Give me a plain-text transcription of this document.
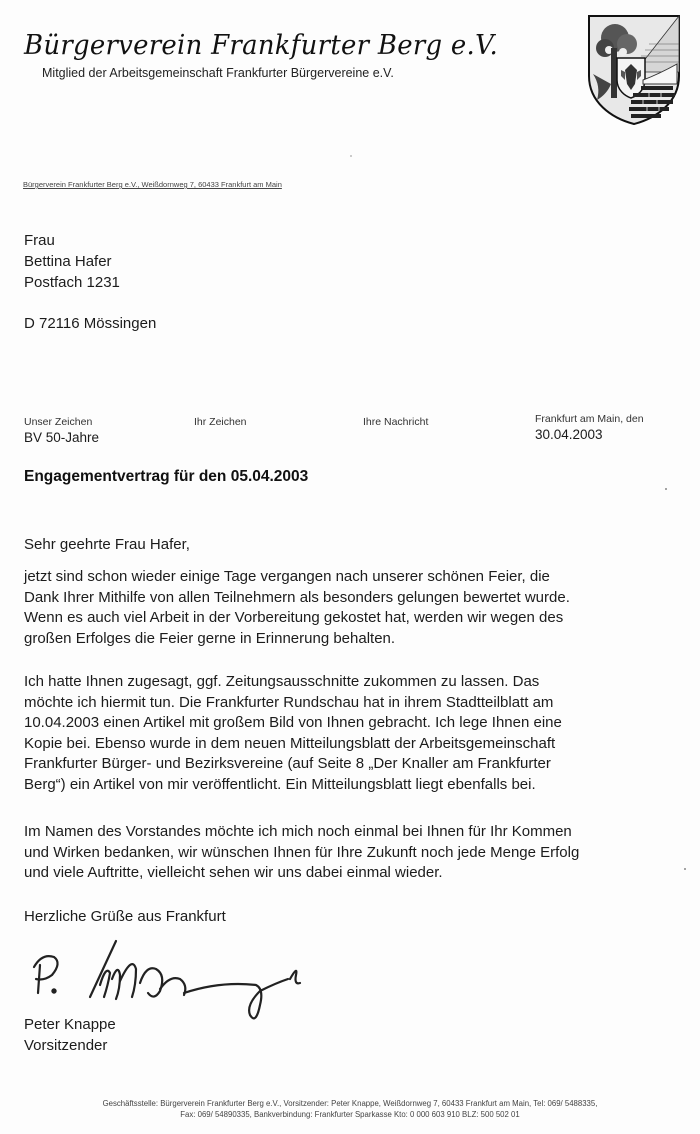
Bürgerverein Frankfurter Berg e.V.
Mitglied der Arbeitsgemeinschaft Frankfurter Bürgervereine e.V.
Bürgerverein Frankfurter Berg e.V., Weißdornweg 7, 60433 Frankfurt am Main
Frau
Bettina Hafer
Postfach 1231
D 72116 Mössingen
Unser Zeichen
BV 50-Jahre
Ihr Zeichen	Ihre Nachricht	Frankfurt am Main, den
30.04.2003
Engagementvertrag für den 05.04.2003
Sehr geehrte Frau Hafer,
jetzt sind schon wieder einige Tage vergangen nach unserer schönen Feier, die
Dank Ihrer Mithilfe von allen Teilnehmern als besonders gelungen bewertet wurde.
Wenn es auch viel Arbeit in der Vorbereitung gekostet hat, werden wir wegen des
großen Erfolges die Feier gerne in Erinnerung behalten.
Ich hatte Ihnen zugesagt, ggf. Zeitungsausschnitte zukommen zu lassen. Das
möchte ich hiermit tun. Die Frankfurter Rundschau hat in ihrem Stadtteilblatt am
10.04.2003 einen Artikel mit großem Bild von Ihnen gebracht. Ich lege Ihnen eine
Kopie bei. Ebenso wurde in dem neuen Mitteilungsblatt der Arbeitsgemeinschaft
Frankfurter Bürger- und Bezirksvereine (auf Seite 8 „Der Knaller am Frankfurter
Berg“) ein Artikel von mir veröffentlicht. Ein Mitteilungsblatt liegt ebenfalls bei.
Im Namen des Vorstandes möchte ich mich noch einmal bei Ihnen für Ihr Kommen
und Wirken bedanken, wir wünschen Ihnen für Ihre Zukunft noch jede Menge Erfolg
und viele Auftritte, vielleicht sehen wir uns dabei einmal wieder.
Herzliche Grüße aus Frankfurt
Peter Knappe
Vorsitzender
Geschäftsstelle: Bürgerverein Frankfurter Berg e.V., Vorsitzender: Peter Knappe, Weißdornweg 7, 60433 Frankfurt am Main, Tel: 069/ 5488335,
Fax: 069/ 54890335, Bankverbindung: Frankfurter Sparkasse Kto: 0 000 603 910 BLZ: 500 502 01
